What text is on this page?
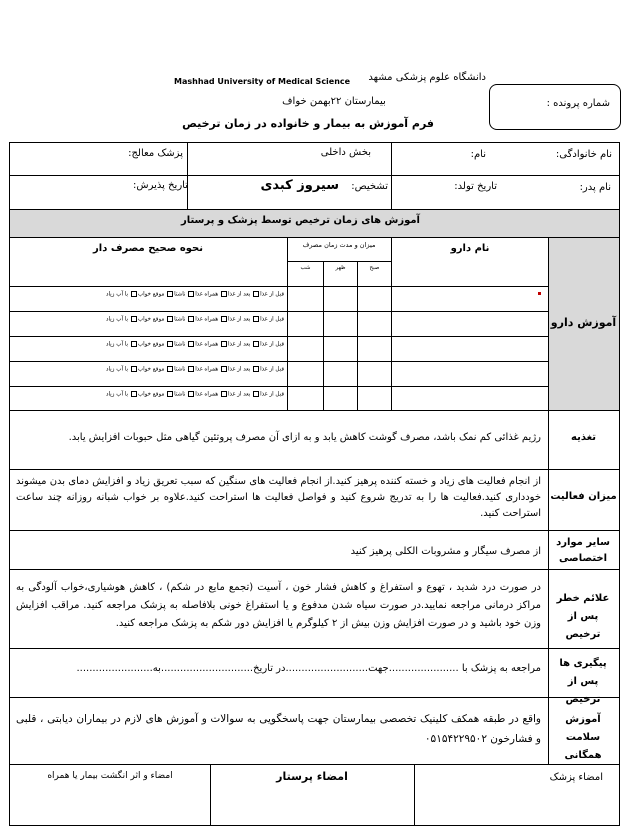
دانشگاه علوم پزشکی مشهد
Mashhad University of Medical Science
بیمارستان ۲۲بهمن خواف
فرم آموزش به بیمار و خانواده در زمان ترخیص
شماره پرونده :
نام خانوادگی:
نام:
بخش داخلی
پزشک معالج:
نام پدر:
تاریخ تولد:
تشخیص:
سیروز کبدی
تاریخ پذیرش:
آموزش های زمان ترخیص توسط پزشک و پرستار
آموزش دارو
نام دارو
میزان و مدت زمان مصرف
صبح
ظهر
شب
نحوه صحیح مصرف دار
قبل از غذا بعد از غذا همراه غذا ناشتا موقع خواب با آب زیاد
قبل از غذا بعد از غذا همراه غذا ناشتا موقع خواب با آب زیاد
قبل از غذا بعد از غذا همراه غذا ناشتا موقع خواب با آب زیاد
قبل از غذا بعد از غذا همراه غذا ناشتا موقع خواب با آب زیاد
قبل از غذا بعد از غذا همراه غذا ناشتا موقع خواب با آب زیاد
تغذیه
رژیم غذائی کم نمک باشد، مصرف گوشت کاهش یابد و به ازای آن مصرف پروتئین گیاهی مثل حبوبات افزایش یابد.
میزان فعالیت
از انجام فعالیت های زیاد و خسته کننده پرهیز کنید.از انجام فعالیت های سنگین که سبب تعریق زیاد و افزایش دمای بدن میشوند خودداری کنید.فعالیت ها را به تدریج شروع کنید و فواصل فعالیت ها استراحت کنید.علاوه بر خواب شبانه روزانه چند ساعت استراحت کنید.
سایر موارد اختصاصی
از مصرف سیگار و مشروبات الکلی پرهیز کنید
علائم خطر پس از ترخیص
در صورت درد شدید ، تهوع و استفراغ و کاهش فشار خون ، آسیت (تجمع مایع در شکم) ، کاهش هوشیاری،خواب آلودگی به مراکز درمانی مراجعه نمایید.در صورت سیاه شدن مدفوع و یا استفراغ خونی بلافاصله به پزشک مراجعه کنید. مراقب افزایش وزن خود باشید و در صورت افزایش وزن بیش از ۲ کیلوگرم یا افزایش دور شکم به پزشک مراجعه کنید.
پیگیری ها پس از ترخیص
مراجعه به پزشک با ......................جهت..........................در تاریخ.............................به........................
آموزش سلامت همگانی
واقع در طبقه همکف کلینیک تخصصی بیمارستان جهت پاسخگویی به سوالات و آموزش های لازم در بیماران دیابتی ، قلبی و فشارخون ۰۵۱۵۴۲۲۹۵۰۲
امضاء پزشک
امضاء پرستار
امضاء و اثر انگشت بیمار یا همراه
